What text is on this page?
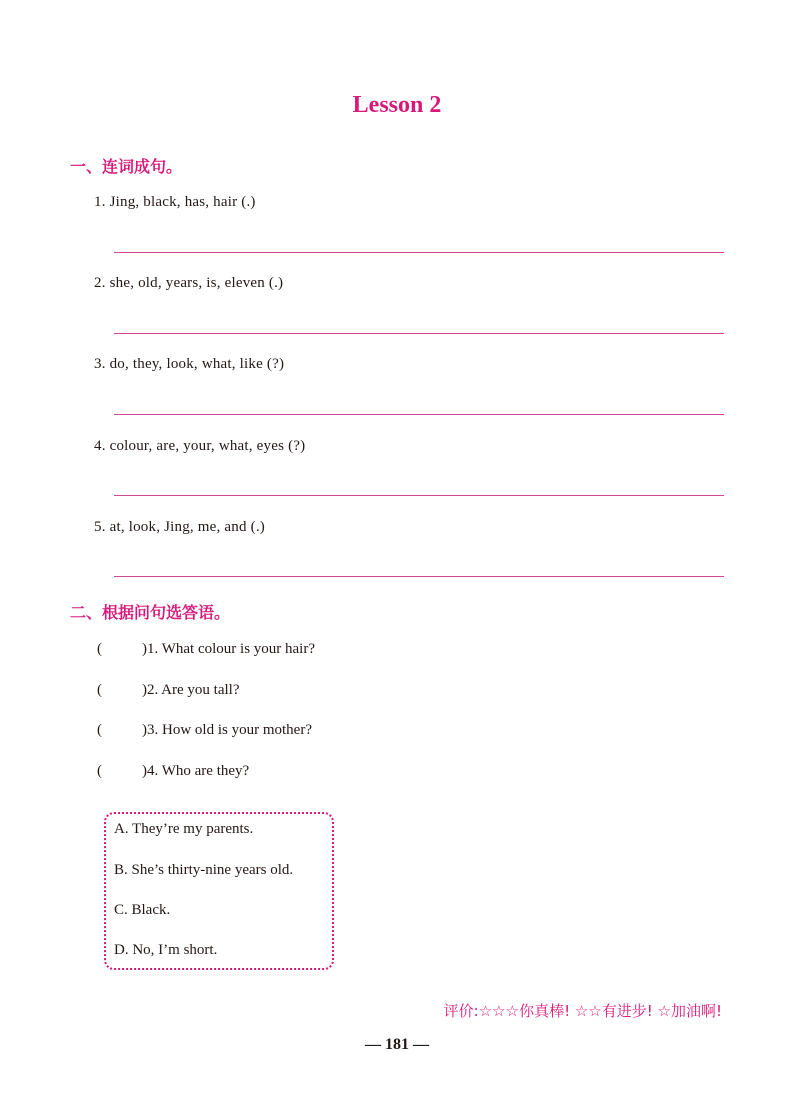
Lesson 2
一、连词成句。
1. Jing, black, has, hair (.)
2. she, old, years, is, eleven (.)
3. do, they, look, what, like (?)
4. colour, are, your, what, eyes (?)
5. at, look, Jing, me, and (.)
二、根据问句选答语。
(	)1. What colour is your hair?
(	)2. Are you tall?
(	)3. How old is your mother?
(	)4. Who are they?
A. They’re my parents.
B. She’s thirty-nine years old.
C. Black.
D. No, I’m short.
评价:☆☆☆你真棒! ☆☆有进步! ☆加油啊!
— 181 —
